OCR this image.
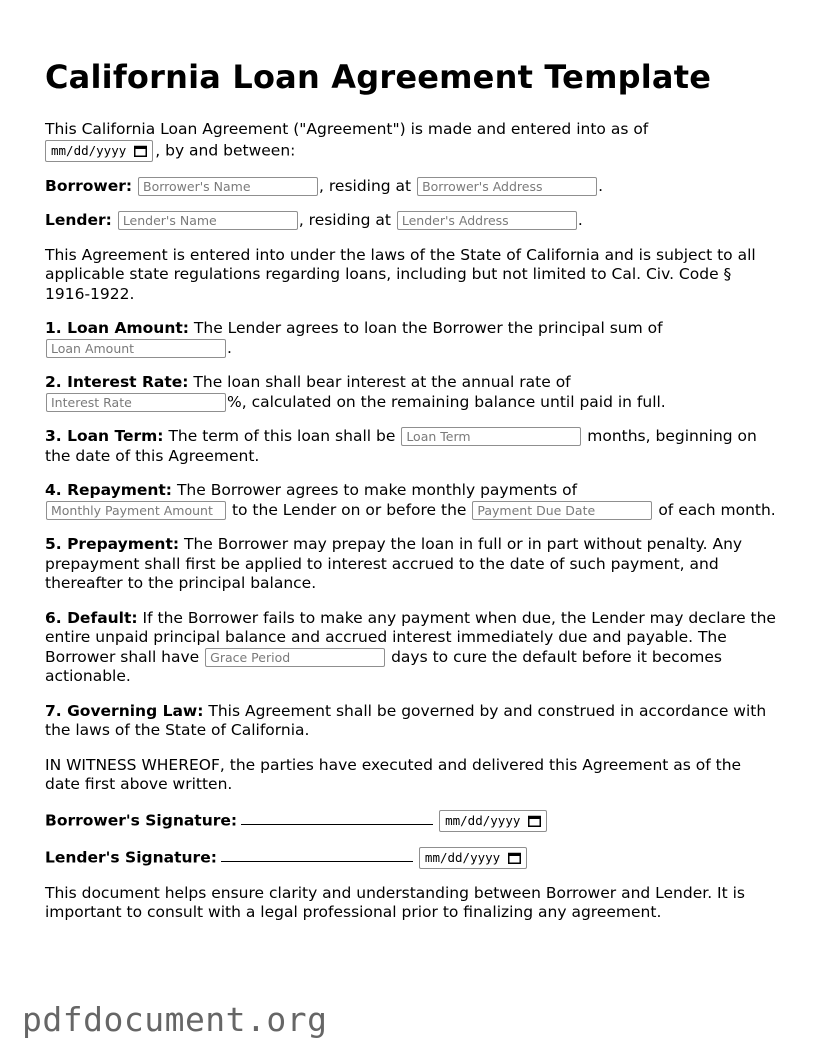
California Loan Agreement Template

This California Loan Agreement ("Agreement") is made and entered into as of

mm/dd/yyyy , by and between:

Borrower: Borrower's Name	, residing at Borrower's Address	.

Lender: Lender's Name	, residing at Lender's Address	.

This Agreement is entered into under the laws of the State of California and is subject to all applicable state regulations regarding loans, including but not limited to Cal. Civ. Code § 1916-1922.

1. Loan Amount: The Lender agrees to loan the Borrower the principal sum of
Loan Amount.

2. Interest Rate: The loan shall bear interest at the annual rate of
Interest Rate%, calculated on the remaining balance until paid in full.

3. Loan Term: The term of this loan shall be Loan Term	months, beginning on the date of this Agreement.

4. Repayment: The Borrower agrees to make monthly payments of
Monthly Payment Amount to the Lender on or before the Payment Due Date	of each month.

5. Prepayment: The Borrower may prepay the loan in full or in part without penalty. Any prepayment shall first be applied to interest accrued to the date of such payment, and thereafter to the principal balance.

6. Default: If the Borrower fails to make any payment when due, the Lender may declare the entire unpaid principal balance and accrued interest immediately due and payable. The Borrower shall have Grace Period	days to cure the default before it becomes actionable.

7. Governing Law: This Agreement shall be governed by and construed in accordance with the laws of the State of California.

IN WITNESS WHEREOF, the parties have executed and delivered this Agreement as of the date first above written.

Borrower's Signature:	mm/dd/yyyy

Lender's Signature:	mm/dd/yyyy

This document helps ensure clarity and understanding between Borrower and Lender. It is important to consult with a legal professional prior to finalizing any agreement.

pdfdocument.org
